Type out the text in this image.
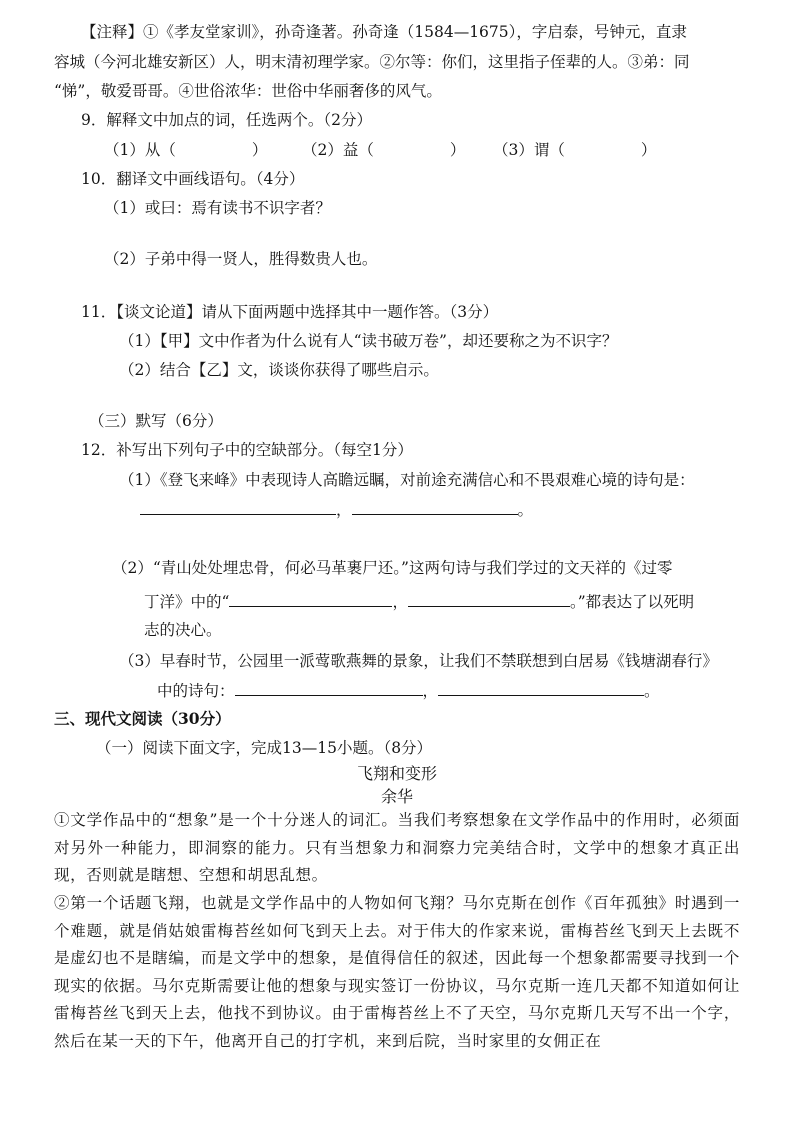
【注释】①《孝友堂家训》，孙奇逢著。孙奇逢（1584—1675），字启泰，号钟元，直隶
容城（今河北雄安新区）人，明末清初理学家。②尔等：你们，这里指子侄辈的人。③弟：同
“悌”，敬爱哥哥。④世俗浓华：世俗中华丽奢侈的风气。
9．解释文中加点的词，任选两个。（2分）
（1）从（	） （2）益（	） （3）谓（	）
10．翻译文中画线语句。（4分）
（1）或曰：焉有读书不识字者？
（2）子弟中得一贤人，胜得数贵人也。
11．【谈文论道】请从下面两题中选择其中一题作答。（3分）
（1）【甲】文中作者为什么说有人“读书破万卷”，却还要称之为不识字？
（2）结合【乙】文，谈谈你获得了哪些启示。
（三）默写（6分）
12．补写出下列句子中的空缺部分。（每空1分）
（1）《登飞来峰》中表现诗人高瞻远瞩，对前途充满信心和不畏艰难心境的诗句是：
，	。
（2）“青山处处埋忠骨，何必马革裹尸还。”这两句诗与我们学过的文天祥的《过零
丁洋》中的“	，	。”都表达了以死明
志的决心。
（3）早春时节，公园里一派莺歌燕舞的景象，让我们不禁联想到白居易《钱塘湖春行》
中的诗句：	，	。
三、现代文阅读（30分）
（一）阅读下面文字，完成13—15小题。（8分）
飞翔和变形
余华
①文学作品中的“想象”是一个十分迷人的词汇。当我们考察想象在文学作品中的作用时，必须面对另外一种能力，即洞察的能力。只有当想象力和洞察力完美结合时，文学中的想象才真正出现，否则就是瞎想、空想和胡思乱想。
②第一个话题飞翔，也就是文学作品中的人物如何飞翔？马尔克斯在创作《百年孤独》时遇到一个难题，就是俏姑娘雷梅苔丝如何飞到天上去。对于伟大的作家来说，雷梅苔丝飞到天上去既不是虚幻也不是瞎编，而是文学中的想象，是值得信任的叙述，因此每一个想象都需要寻找到一个现实的依据。马尔克斯需要让他的想象与现实签订一份协议，马尔克斯一连几天都不知道如何让雷梅苔丝飞到天上去，他找不到协议。由于雷梅苔丝上不了天空，马尔克斯几天写不出一个字，然后在某一天的下午，他离开自己的打字机，来到后院，当时家里的女佣正在
